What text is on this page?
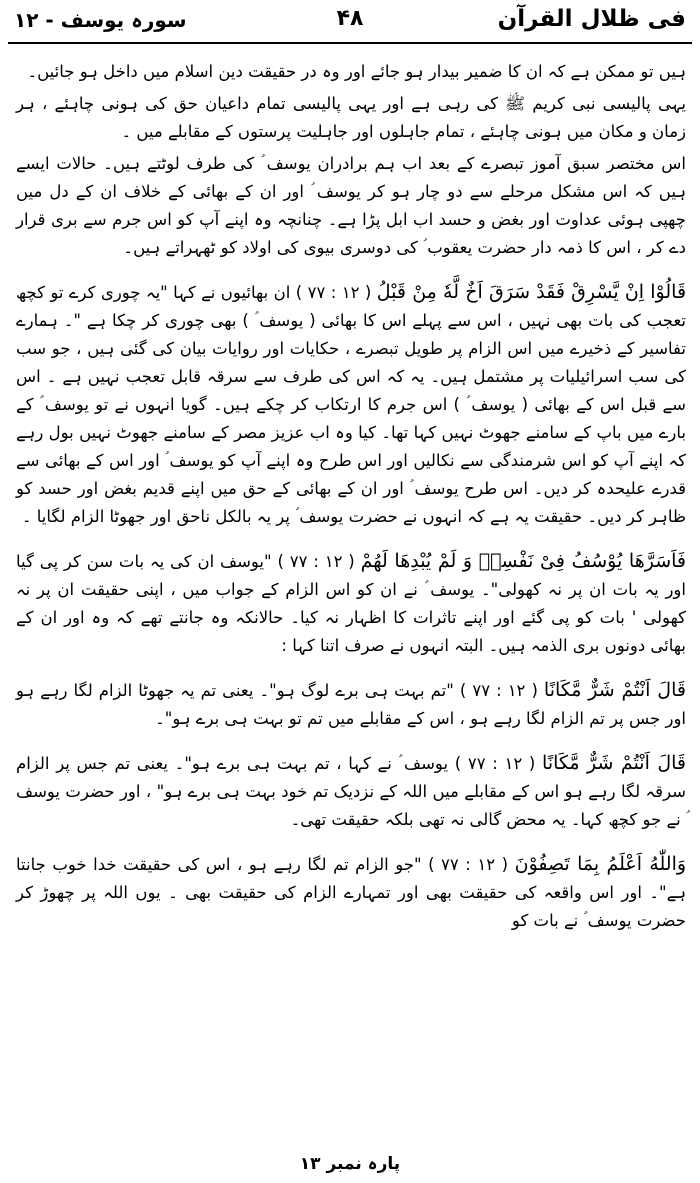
فی ظلال القرآن
۴۸
سورہ یوسف - ۱۲

ہیں تو ممکن ہے کہ ان کا ضمیر بیدار ہو جائے اور وہ در حقیقت دین اسلام میں داخل ہو جائیں۔

یہی پالیسی نبی کریم ﷺ کی رہی ہے اور یہی پالیسی تمام داعیان حق کی ہونی چاہئے ، ہر زمان و مکان میں ہونی چاہئے ، تمام جاہلوں اور جاہلیت پرستوں کے مقابلے میں ۔

اس مختصر سبق آموز تبصرے کے بعد اب ہم برادران یوسف ؑ کی طرف لوٹتے ہیں۔ حالات ایسے ہیں کہ اس مشکل مرحلے سے دو چار ہو کر یوسف ؑ اور ان کے بھائی کے خلاف ان کے دل میں چھپی ہوئی عداوت اور بغض و حسد اب ابل پڑا ہے۔ چنانچہ وہ اپنے آپ کو اس جرم سے بری قرار دے کر ، اس کا ذمہ دار حضرت یعقوب ؑ کی دوسری بیوی کی اولاد کو ٹھہراتے ہیں۔

قَالُوْا اِنْ یَّسْرِقْ فَقَدْ سَرَقَ اَخٌ لَّهٗ مِنْ قَبْلُ ( ۱۲ : ۷۷ ) ان بھائیوں نے کہا "یہ چوری کرے تو کچھ تعجب کی بات بھی نہیں ، اس سے پہلے اس کا بھائی ( یوسف ؑ ) بھی چوری کر چکا ہے "۔ ہمارے تفاسیر کے ذخیرے میں اس الزام پر طویل تبصرے ، حکایات اور روایات بیان کی گئی ہیں ، جو سب کی سب اسرائیلیات پر مشتمل ہیں۔ یہ کہ اس کی طرف سے سرقہ قابل تعجب نہیں ہے ۔ اس سے قبل اس کے بھائی ( یوسف ؑ ) اس جرم کا ارتکاب کر چکے ہیں۔ گویا انہوں نے تو یوسف ؑ کے بارے میں باپ کے سامنے جھوٹ نہیں کہا تھا۔ کیا وہ اب عزیز مصر کے سامنے جھوٹ نہیں بول رہے کہ اپنے آپ کو اس شرمندگی سے نکالیں اور اس طرح وہ اپنے آپ کو یوسف ؑ اور اس کے بھائی سے قدرے علیحدہ کر دیں۔ اس طرح یوسف ؑ اور ان کے بھائی کے حق میں اپنے قدیم بغض اور حسد کو ظاہر کر دیں۔ حقیقت یہ ہے کہ انہوں نے حضرت یوسف ؑ پر یہ بالکل ناحق اور جھوٹا الزام لگایا ۔

فَاَسَرَّهَا یُوْسُفُ فِیْ نَفْسِهٖ وَ لَمْ یُبْدِهَا لَهُمْ ( ۱۲ : ۷۷ ) "یوسف ان کی یہ بات سن کر پی گیا اور یہ بات ان پر نہ کھولی"۔ یوسف ؑ نے ان کو اس الزام کے جواب میں ، اپنی حقیقت ان پر نہ کھولی ' بات کو پی گئے اور اپنے تاثرات کا اظہار نہ کیا۔ حالانکہ وہ جانتے تھے کہ وہ اور ان کے بھائی دونوں بری الذمہ ہیں۔ البتہ انہوں نے صرف اتنا کہا :

قَالَ اَنْتُمْ شَرٌّ مَّكَانًا ( ۱۲ : ۷۷ ) "تم بہت ہی برے لوگ ہو"۔ یعنی تم یہ جھوٹا الزام لگا رہے ہو اور جس پر تم الزام لگا رہے ہو ، اس کے مقابلے میں تم تو بہت ہی برے ہو"۔

قَالَ اَنْتُمْ شَرٌّ مَّكَانًا ( ۱۲ : ۷۷ ) یوسف ؑ نے کہا ، تم بہت ہی برے ہو"۔ یعنی تم جس پر الزام سرقہ لگا رہے ہو اس کے مقابلے میں اللہ کے نزدیک تم خود بہت ہی برے ہو" ، اور حضرت یوسف ؑ نے جو کچھ کہا۔ یہ محض گالی نہ تھی بلکہ حقیقت تھی۔

وَاللّٰهُ اَعْلَمُ بِمَا تَصِفُوْنَ ( ۱۲ : ۷۷ ) "جو الزام تم لگا رہے ہو ، اس کی حقیقت خدا خوب جانتا ہے"۔ اور اس واقعہ کی حقیقت بھی اور تمہارے الزام کی حقیقت بھی ۔ یوں اللہ پر چھوڑ کر حضرت یوسف ؑ نے بات کو

پارہ نمبر ۱۳
